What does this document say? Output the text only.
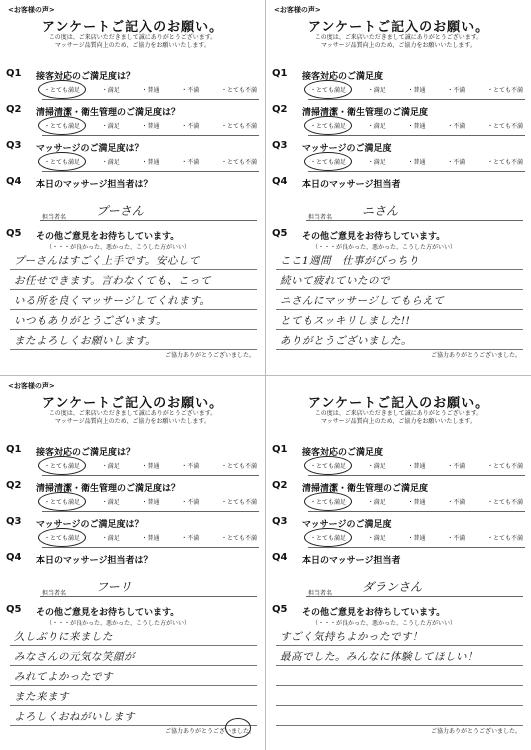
<お客様の声>
アンケートご記入のお願い。
この度は、ご来店いただきまして誠にありがとうございます。
マッサージ品質向上のため、ご協力をお願いいたします。
Q1 接客対応のご満足度は？
・とても満足	・満足	・普通	・不満	・とても不満
Q2 清掃清潔・衛生管理のご満足度は？
・とても満足	・満足	・普通	・不満	・とても不満
Q3 マッサージのご満足度は？
・とても満足	・満足	・普通	・不満	・とても不満
Q4 本日のマッサージ担当者は？
担当者名 プーさん
Q5 その他ご意見をお待ちしています。
（・・・が良かった、悪かった、こうした方がいい）
プーさんはすごく上手です。安心して
お任せできます。言わなくても、こって
いる所を良くマッサージしてくれます。
いつもありがとうございます。
またよろしくお願いします。
ご協力ありがとうございました。
<お客様の声>
アンケートご記入のお願い。
この度は、ご来店いただきまして誠にありがとうございます。
マッサージ品質向上のため、ご協力をお願いいたします。
Q1 接客対応のご満足度
・とても満足	・満足	・普通	・不満	・とても不満
Q2 清掃清潔・衛生管理のご満足度
・とても満足	・満足	・普通	・不満	・とても不満
Q3 マッサージのご満足度
・とても満足	・満足	・普通	・不満	・とても不満
Q4 本日のマッサージ担当者
担当者名 ニさん
Q5 その他ご意見をお待ちしています。
（・・・が良かった、悪かった、こうした方がいい）
ここ1週間　仕事がびっちり
続いて疲れていたので
ニさんにマッサージしてもらえて
とてもスッキリしました!!
ありがとうございました。
ご協力ありがとうございました。
<お客様の声>
アンケートご記入のお願い。
この度は、ご来店いただきまして誠にありがとうございます。
マッサージ品質向上のため、ご協力をお願いいたします。
Q1 接客対応のご満足度は？
・とても満足	・満足	・普通	・不満	・とても不満
Q2 清掃清潔・衛生管理のご満足度は？
・とても満足	・満足	・普通	・不満	・とても不満
Q3 マッサージのご満足度は？
・とても満足	・満足	・普通	・不満	・とても不満
Q4 本日のマッサージ担当者は？
担当者名 フーリ
Q5 その他ご意見をお待ちしています。
（・・・が良かった、悪かった、こうした方がいい）
久しぶりに来ました
みなさんの元気な笑顔が
みれてよかったです
また来ます
よろしくおねがいします
ご協力ありがとうございました。
アンケートご記入のお願い。
この度は、ご来店いただきまして誠にありがとうございます。
マッサージ品質向上のため、ご協力をお願いいたします。
Q1 接客対応のご満足度
・とても満足	・満足	・普通	・不満	・とても不満
Q2 清掃清潔・衛生管理のご満足度
・とても満足	・満足	・普通	・不満	・とても不満
Q3 マッサージのご満足度
・とても満足	・満足	・普通	・不満	・とても不満
Q4 本日のマッサージ担当者
担当者名 ダランさん
Q5 その他ご意見をお待ちしています。
（・・・が良かった、悪かった、こうした方がいい）
すごく気持ちよかったです！
最高でした。みんなに体験してほしい！
ご協力ありがとうございました。
